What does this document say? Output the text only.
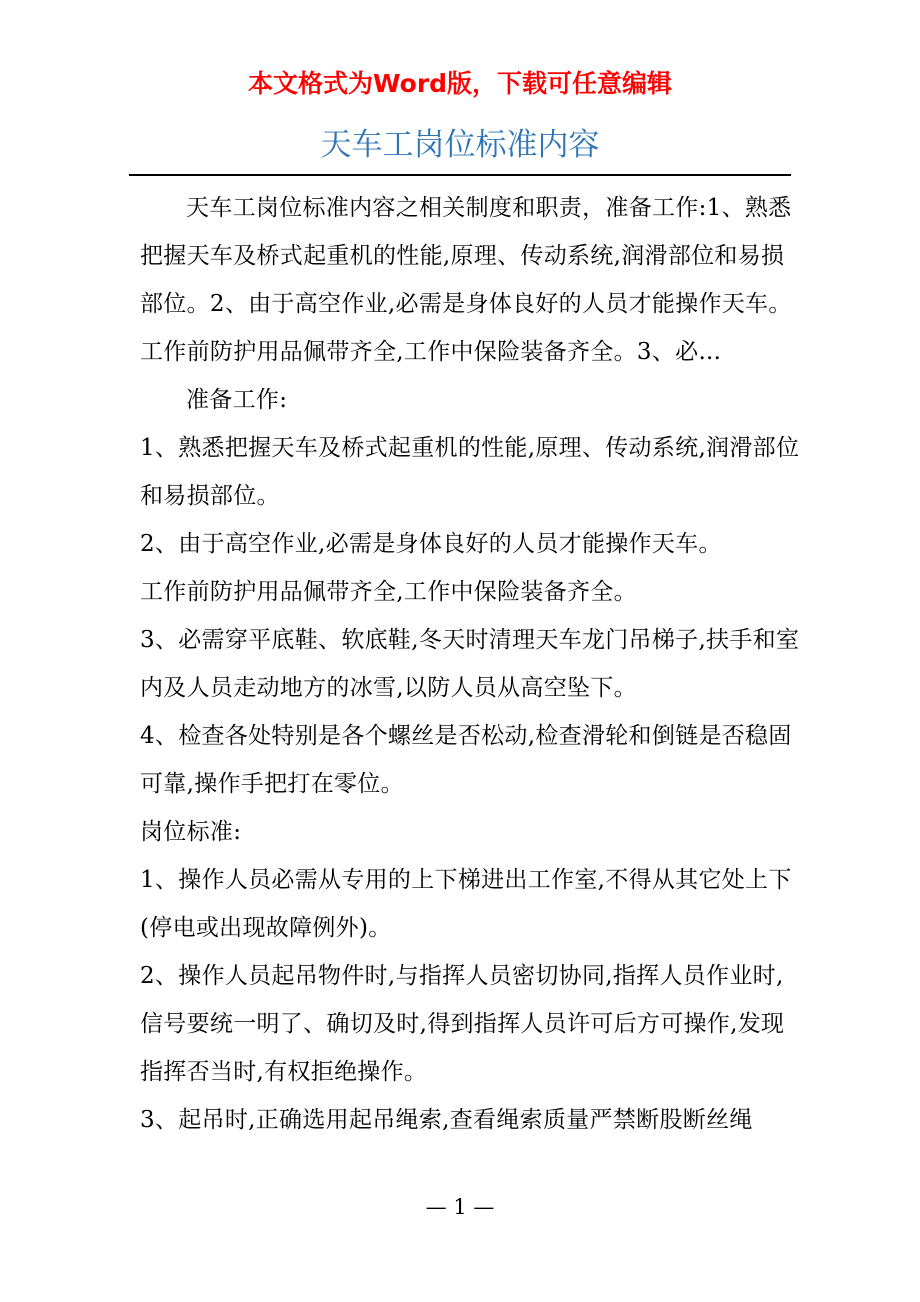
本文格式为Word版，下载可任意编辑
天车工岗位标准内容

天车工岗位标准内容之相关制度和职责，准备工作:1、熟悉把握天车及桥式起重机的性能,原理、传动系统,润滑部位和易损部位。2、由于高空作业,必需是身体良好的人员才能操作天车。工作前防护用品佩带齐全,工作中保险装备齐全。3、必...

准备工作:

1、熟悉把握天车及桥式起重机的性能,原理、传动系统,润滑部位和易损部位。

2、由于高空作业,必需是身体良好的人员才能操作天车。

工作前防护用品佩带齐全,工作中保险装备齐全。

3、必需穿平底鞋、软底鞋,冬天时清理天车龙门吊梯子,扶手和室内及人员走动地方的冰雪,以防人员从高空坠下。

4、检查各处特别是各个螺丝是否松动,检查滑轮和倒链是否稳固可靠,操作手把打在零位。

岗位标准:

1、操作人员必需从专用的上下梯进出工作室,不得从其它处上下(停电或出现故障例外)。

2、操作人员起吊物件时,与指挥人员密切协同,指挥人员作业时,信号要统一明了、确切及时,得到指挥人员许可后方可操作,发现指挥否当时,有权拒绝操作。

3、起吊时,正确选用起吊绳索,查看绳索质量严禁断股断丝绳

— 1 —
